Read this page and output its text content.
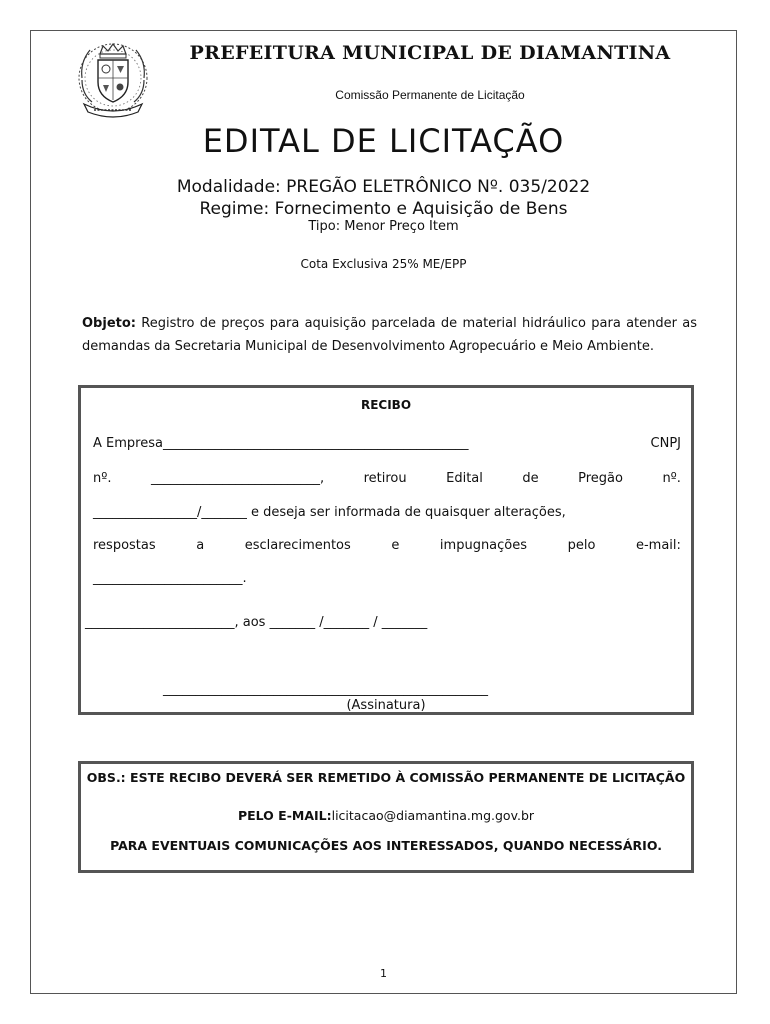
PREFEITURA MUNICIPAL DE DIAMANTINA
Comissão Permanente de Licitação
EDITAL DE LICITAÇÃO
Modalidade: PREGÃO ELETRÔNICO Nº. 035/2022
Regime: Fornecimento e Aquisição de Bens
Tipo: Menor Preço Item
Cota Exclusiva 25% ME/EPP
Objeto: Registro de preços para aquisição parcelada de material hidráulico para atender as demandas da Secretaria Municipal de Desenvolvimento Agropecuário e Meio Ambiente.
RECIBO
A Empresa_______________________________________________	CNPJ
nº.	__________________________,	retirou	Edital	de	Pregão	nº.
________________/_______ e deseja ser informada de quaisquer alterações,
respostas	a	esclarecimentos	e	impugnações	pelo	e-mail:
_______________________.
_______________________, aos _______ /_______ / _______
__________________________________________________
(Assinatura)
OBS.: ESTE RECIBO DEVERÁ SER REMETIDO À COMISSÃO PERMANENTE DE LICITAÇÃO
PELO E-MAIL:licitacao@diamantina.mg.gov.br
PARA EVENTUAIS COMUNICAÇÕES AOS INTERESSADOS, QUANDO NECESSÁRIO.
1
